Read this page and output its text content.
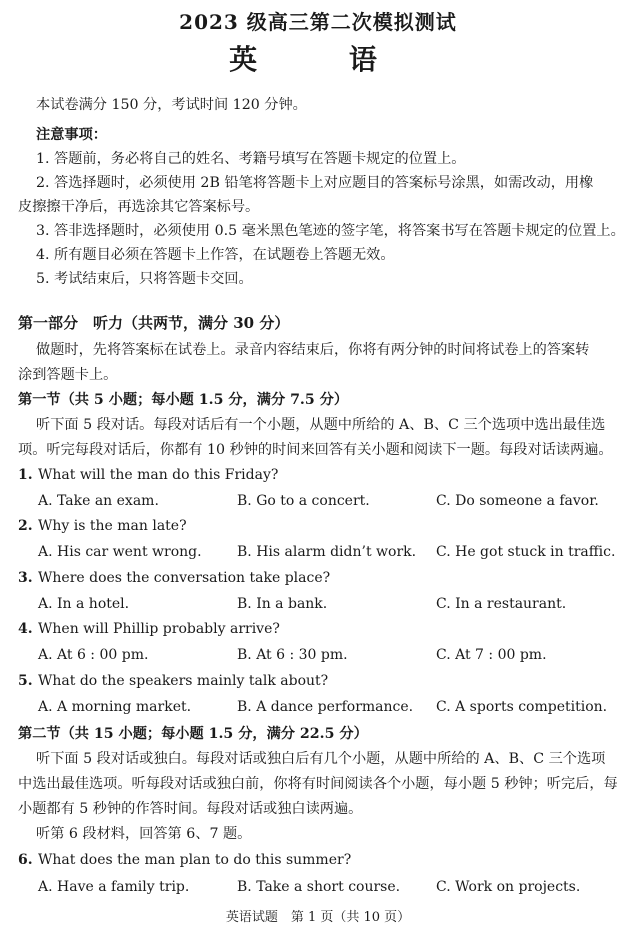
2023 级高三第二次模拟测试
英 语
本试卷满分 150 分，考试时间 120 分钟。
注意事项：
1. 答题前，务必将自己的姓名、考籍号填写在答题卡规定的位置上。
2. 答选择题时，必须使用 2B 铅笔将答题卡上对应题目的答案标号涂黑，如需改动，用橡
皮擦擦干净后，再选涂其它答案标号。
3. 答非选择题时，必须使用 0.5 毫米黑色笔迹的签字笔，将答案书写在答题卡规定的位置上。
4. 所有题目必须在答题卡上作答，在试题卷上答题无效。
5. 考试结束后，只将答题卡交回。
第一部分　听力（共两节，满分 30 分）
做题时，先将答案标在试卷上。录音内容结束后，你将有两分钟的时间将试卷上的答案转
涂到答题卡上。
第一节（共 5 小题；每小题 1.5 分，满分 7.5 分）
听下面 5 段对话。每段对话后有一个小题，从题中所给的 A、B、C 三个选项中选出最佳选
项。听完每段对话后，你都有 10 秒钟的时间来回答有关小题和阅读下一题。每段对话读两遍。
1. What will the man do this Friday?
A. Take an exam.	B. Go to a concert.	C. Do someone a favor.
2. Why is the man late?
A. His car went wrong.	B. His alarm didn’t work. C. He got stuck in traffic.
3. Where does the conversation take place?
A. In a hotel.	B. In a bank.	C. In a restaurant.
4. When will Phillip probably arrive?
A. At 6 : 00 pm.	B. At 6 : 30 pm.	C. At 7 : 00 pm.
5. What do the speakers mainly talk about?
A. A morning market.	B. A dance performance. C. A sports competition.
第二节（共 15 小题；每小题 1.5 分，满分 22.5 分）
听下面 5 段对话或独白。每段对话或独白后有几个小题，从题中所给的 A、B、C 三个选项
中选出最佳选项。听每段对话或独白前，你将有时间阅读各个小题，每小题 5 秒钟；听完后，每
小题都有 5 秒钟的作答时间。每段对话或独白读两遍。
听第 6 段材料，回答第 6、7 题。
6. What does the man plan to do this summer?
A. Have a family trip.	B. Take a short course.	C. Work on projects.
英语试题　第 1 页（共 10 页）
